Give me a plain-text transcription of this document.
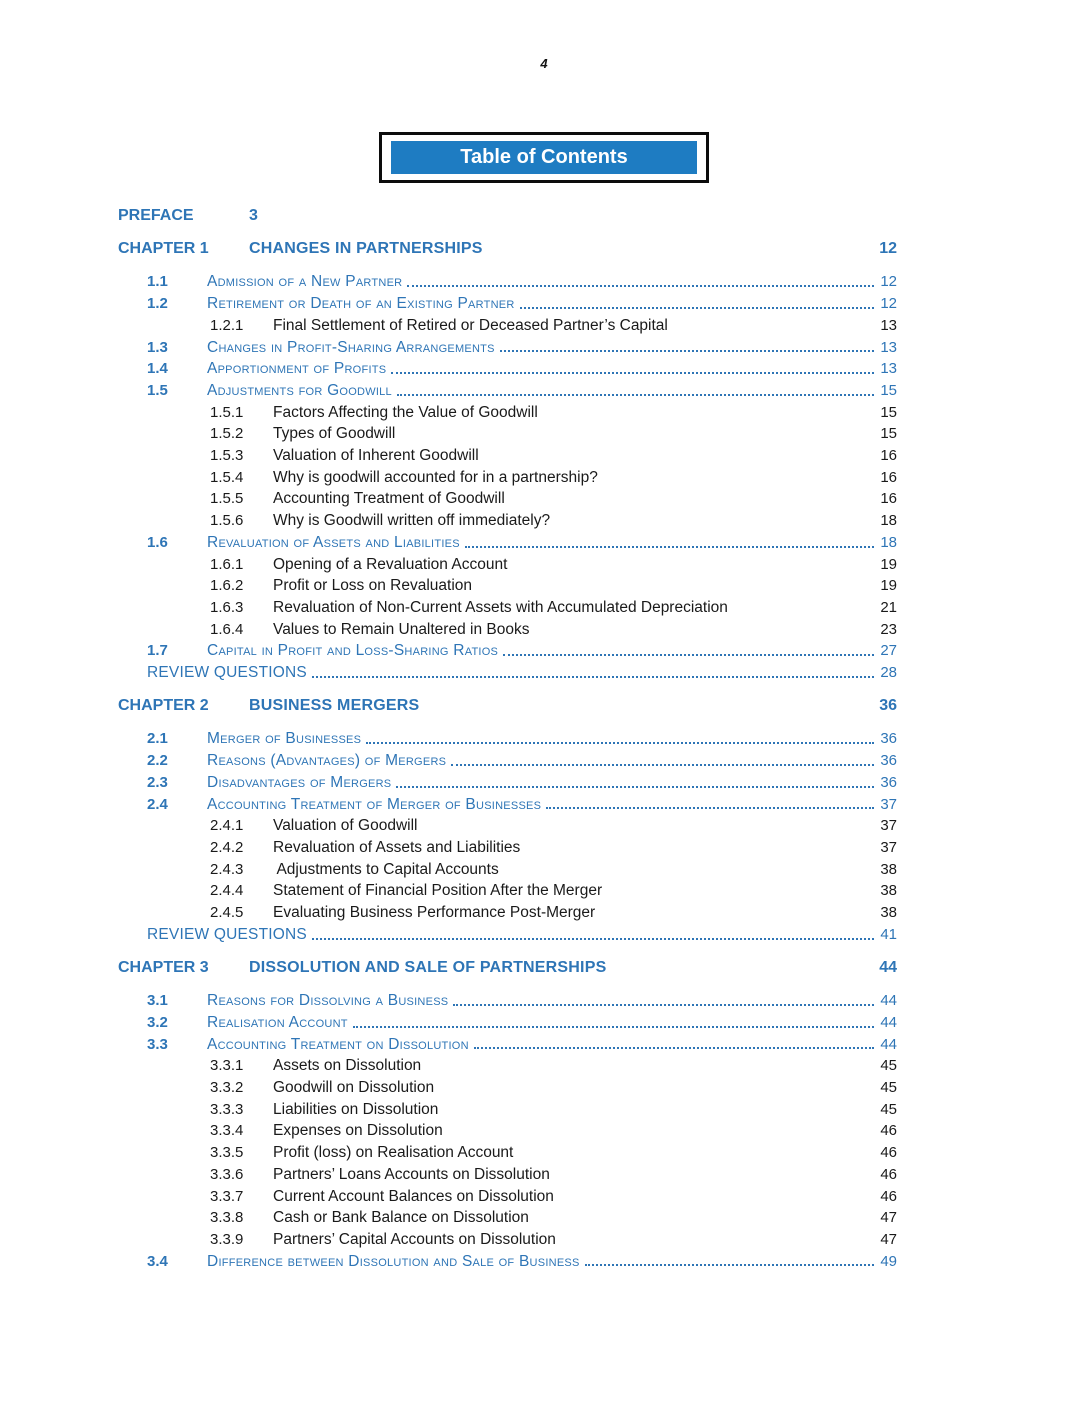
4
Table of Contents
PREFACE	3
CHAPTER 1	CHANGES IN PARTNERSHIPS	12
1.1	Admission of a New Partner	12
1.2	Retirement or Death of an Existing Partner	12
1.2.1	Final Settlement of Retired or Deceased Partner’s Capital	13
1.3	Changes in Profit-Sharing Arrangements	13
1.4	Apportionment of Profits	13
1.5	Adjustments for Goodwill	15
1.5.1	Factors Affecting the Value of Goodwill	15
1.5.2	Types of Goodwill	15
1.5.3	Valuation of Inherent Goodwill	16
1.5.4	Why is goodwill accounted for in a partnership?	16
1.5.5	Accounting Treatment of Goodwill	16
1.5.6	Why is Goodwill written off immediately?	18
1.6	Revaluation of Assets and Liabilities	18
1.6.1	Opening of a Revaluation Account	19
1.6.2	Profit or Loss on Revaluation	19
1.6.3	Revaluation of Non-Current Assets with Accumulated Depreciation	21
1.6.4	Values to Remain Unaltered in Books	23
1.7	Capital in Profit and Loss-Sharing Ratios	27
REVIEW QUESTIONS	28
CHAPTER 2	BUSINESS MERGERS	36
2.1	Merger of Businesses	36
2.2	Reasons (Advantages) of Mergers	36
2.3	Disadvantages of Mergers	36
2.4	Accounting Treatment of Merger of Businesses	37
2.4.1	Valuation of Goodwill	37
2.4.2	Revaluation of Assets and Liabilities	37
2.4.3	Adjustments to Capital Accounts	38
2.4.4	Statement of Financial Position After the Merger	38
2.4.5	Evaluating Business Performance Post-Merger	38
REVIEW QUESTIONS	41
CHAPTER 3	DISSOLUTION AND SALE OF PARTNERSHIPS	44
3.1	Reasons for Dissolving a Business	44
3.2	Realisation Account	44
3.3	Accounting Treatment on Dissolution	44
3.3.1	Assets on Dissolution	45
3.3.2	Goodwill on Dissolution	45
3.3.3	Liabilities on Dissolution	45
3.3.4	Expenses on Dissolution	46
3.3.5	Profit (loss) on Realisation Account	46
3.3.6	Partners’ Loans Accounts on Dissolution	46
3.3.7	Current Account Balances on Dissolution	46
3.3.8	Cash or Bank Balance on Dissolution	47
3.3.9	Partners’ Capital Accounts on Dissolution	47
3.4	Difference between Dissolution and Sale of Business	49
